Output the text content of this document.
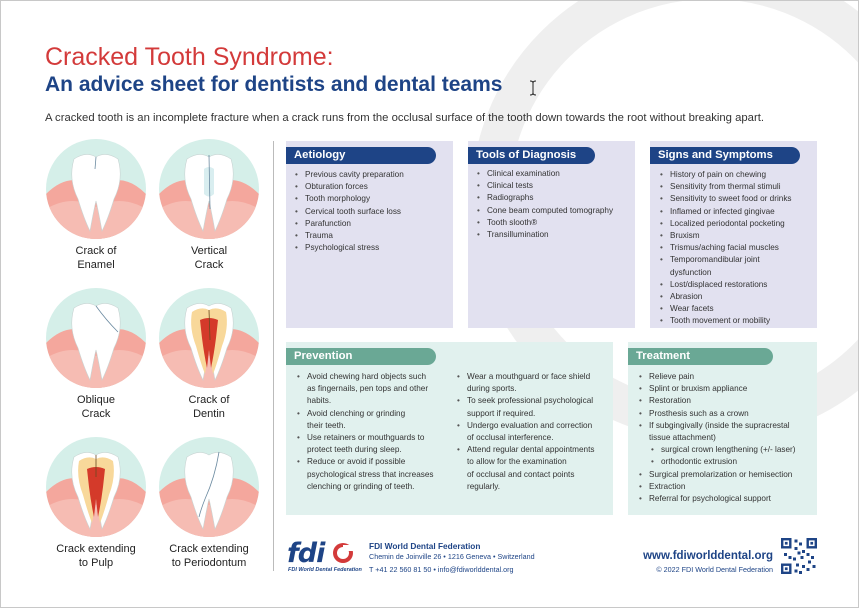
Cracked Tooth Syndrome:
An advice sheet for dentists and dental teams
A cracked tooth is an incomplete fracture when a crack runs from the occlusal surface of the tooth down towards the root without breaking apart.
Crack of
Enamel
Vertical
Crack
Oblique
Crack
Crack of
Dentin
Crack extending
to Pulp
Crack extending
to Periodontum
Aetiology
• Previous cavity preparation
• Obturation forces
• Tooth morphology
• Cervical tooth surface loss
• Parafunction
• Trauma
• Psychological stress
Tools of Diagnosis
• Clinical examination
• Clinical tests
• Radiographs
• Cone beam computed tomography
• Tooth slooth®
• Transillumination
Signs and Symptoms
• History of pain on chewing
• Sensitivity from thermal stimuli
• Sensitivity to sweet food or drinks
• Inflamed or infected gingivae
• Localized periodontal pocketing
• Bruxism
• Trismus/aching facial muscles
• Temporomandibular joint
dysfunction
• Lost/displaced restorations
• Abrasion
• Wear facets
• Tooth movement or mobility
Prevention
• Avoid chewing hard objects such
as fingernails, pen tops and other
habits.
• Avoid clenching or grinding
their teeth.
• Use retainers or mouthguards to
protect teeth during sleep.
• Reduce or avoid if possible
psychological stress that increases
clenching or grinding of teeth.
• Wear a mouthguard or face shield
during sports.
• To seek professional psychological
support if required.
• Undergo evaluation and correction
of occlusal interference.
• Attend regular dental appointments
to allow for the examination
of occlusal and contact points
regularly.
Treatment
• Relieve pain
• Splint or bruxism appliance
• Restoration
• Prosthesis such as a crown
• If subgingivally (inside the supracrestal
tissue attachment)
• surgical crown lengthening (+/- laser)
• orthodontic extrusion
• Surgical premolarization or hemisection
• Extraction
• Referral for psychological support
fdi
FDI World Dental Federation
FDI World Dental Federation
Chemin de Joinville 26 • 1216 Geneva • Switzerland
T +41 22 560 81 50 • info@fdiworlddental.org
www.fdiworlddental.org
© 2022 FDI World Dental Federation
